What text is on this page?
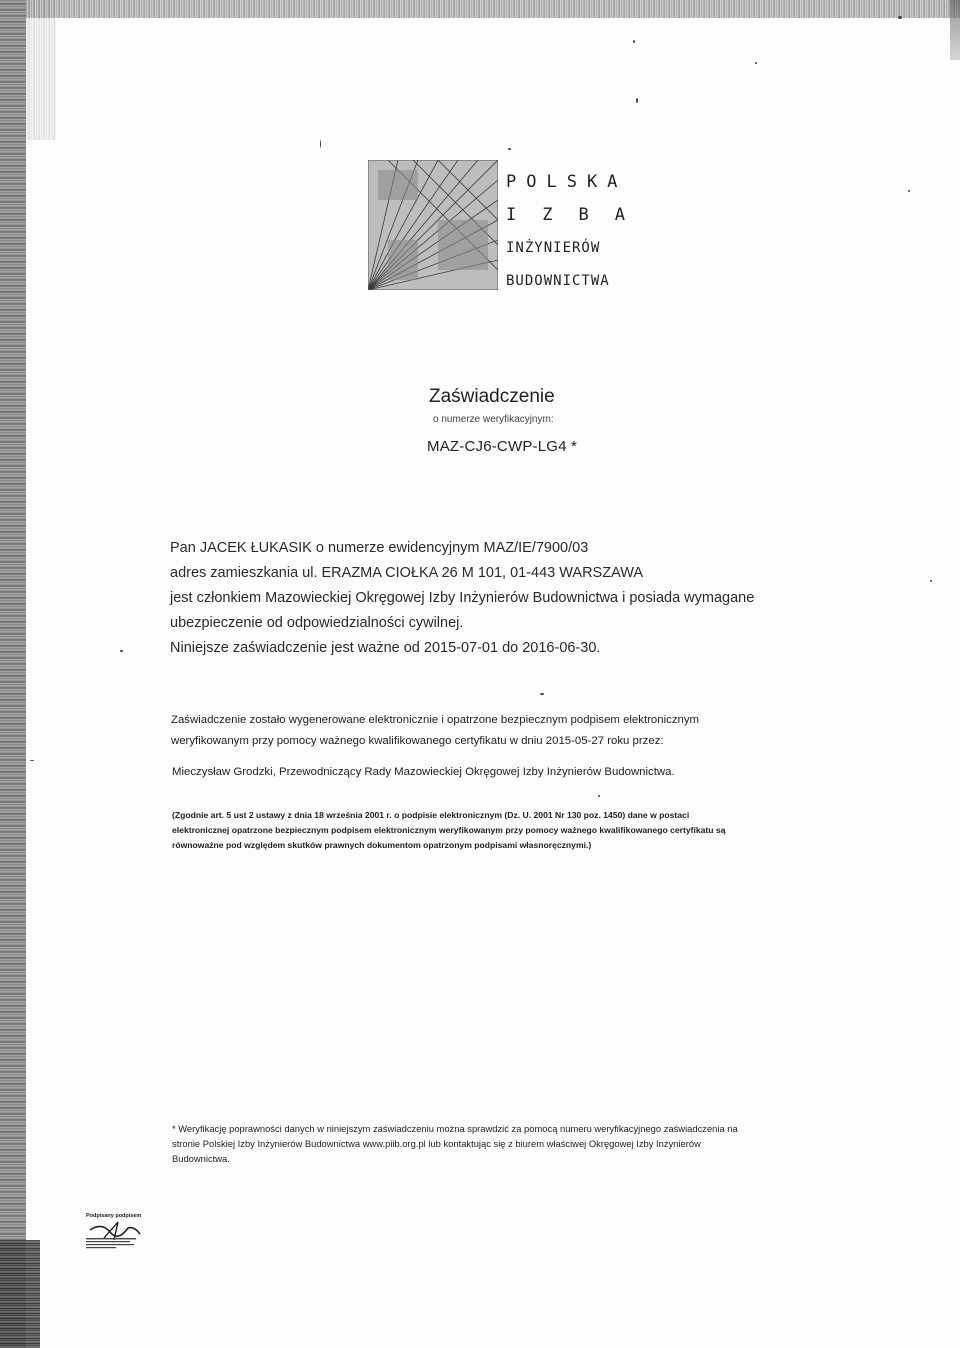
POLSKA
IZBA
INŻYNIERÓW
BUDOWNICTWA
Zaświadczenie
o numerze weryfikacyjnym:
MAZ-CJ6-CWP-LG4 *
Pan JACEK ŁUKASIK o numerze ewidencyjnym MAZ/IE/7900/03
adres zamieszkania ul. ERAZMA CIOŁKA 26 M 101, 01-443 WARSZAWA
jest członkiem Mazowieckiej Okręgowej Izby Inżynierów Budownictwa i posiada wymagane
ubezpieczenie od odpowiedzialności cywilnej.
Niniejsze zaświadczenie jest ważne od 2015-07-01 do 2016-06-30.
Zaświadczenie zostało wygenerowane elektronicznie i opatrzone bezpiecznym podpisem elektronicznym
weryfikowanym przy pomocy ważnego kwalifikowanego certyfikatu w dniu 2015-05-27 roku przez:
Mieczysław Grodzki, Przewodniczący Rady Mazowieckiej Okręgowej Izby Inżynierów Budownictwa.
(Zgodnie art. 5 ust 2 ustawy z dnia 18 września 2001 r. o podpisie elektronicznym (Dz. U. 2001 Nr 130 poz. 1450) dane w postaci
elektronicznej opatrzone bezpiecznym podpisem elektronicznym weryfikowanym przy pomocy ważnego kwalifikowanego certyfikatu są
równoważne pod względem skutków prawnych dokumentom opatrzonym podpisami własnoręcznymi.)
* Weryfikację poprawności danych w niniejszym zaświadczeniu można sprawdzić za pomocą numeru weryfikacyjnego zaświadczenia na
stronie Polskiej Izby Inżynierów Budownictwa www.piib.org.pl lub kontaktując się z biurem właściwej Okręgowej Izby Inżynierów
Budownictwa.
Podpisany podpisem
